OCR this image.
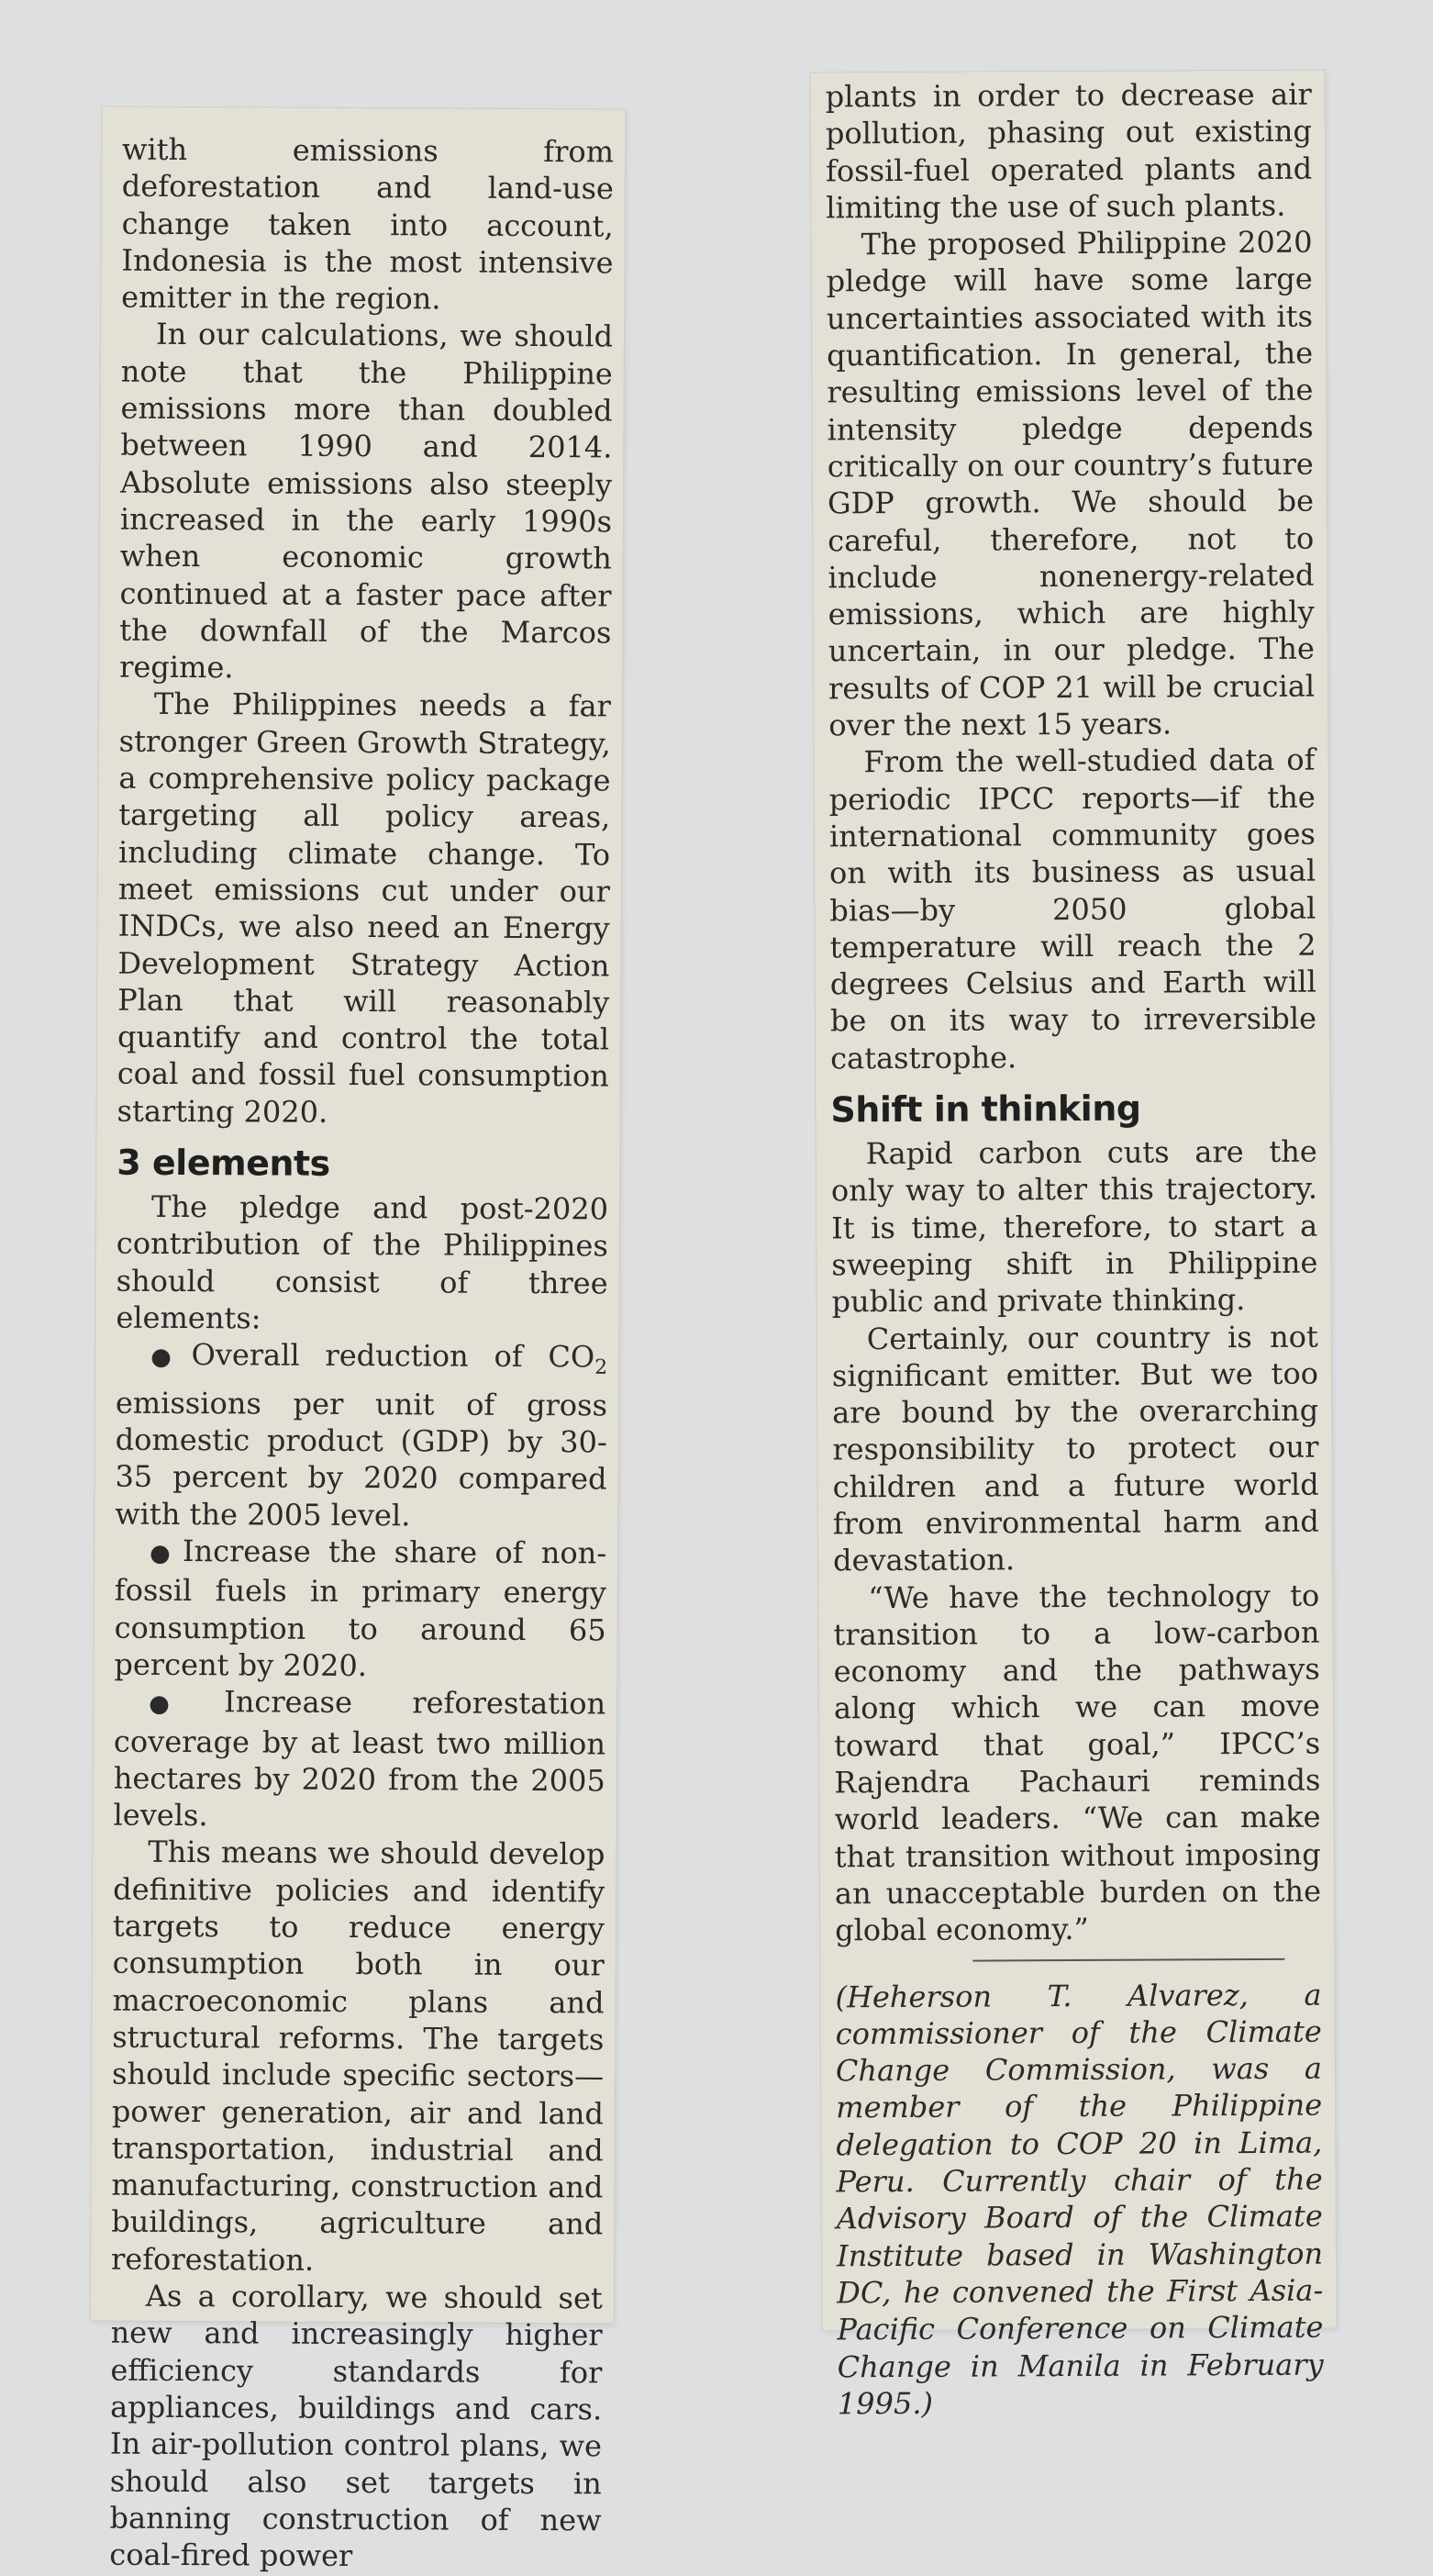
with emissions from deforestation and land-use change taken into account, Indonesia is the most intensive emitter in the region.

In our calculations, we should note that the Philippine emissions more than doubled between 1990 and 2014. Absolute emissions also steeply increased in the early 1990s when economic growth continued at a faster pace after the downfall of the Marcos regime.

The Philippines needs a far stronger Green Growth Strategy, a comprehensive policy package targeting all policy areas, including climate change. To meet emissions cut under our INDCs, we also need an Energy Development Strategy Action Plan that will reasonably quantify and control the total coal and fossil fuel consumption starting 2020.

3 elements

The pledge and post-2020 contribution of the Philippines should consist of three elements:

● Overall reduction of $CO_2$ emissions per unit of gross domestic product (GDP) by 30-35 percent by 2020 compared with the 2005 level.

● Increase the share of non-fossil fuels in primary energy consumption to around 65 percent by 2020.

● Increase reforestation coverage by at least two million hectares by 2020 from the 2005 levels.

This means we should develop definitive policies and identify targets to reduce energy consumption both in our macroeconomic plans and structural reforms. The targets should include specific sectors—power generation, air and land transportation, industrial and manufacturing, construction and buildings, agriculture and reforestation.

As a corollary, we should set new and increasingly higher efficiency standards for appliances, buildings and cars. In air-pollution control plans, we should also set targets in banning construction of new coal-fired power

plants in order to decrease air pollution, phasing out existing fossil-fuel operated plants and limiting the use of such plants.

The proposed Philippine 2020 pledge will have some large uncertainties associated with its quantification. In general, the resulting emissions level of the intensity pledge depends critically on our country’s future GDP growth. We should be careful, therefore, not to include nonenergy-related emissions, which are highly uncertain, in our pledge. The results of COP 21 will be crucial over the next 15 years.

From the well-studied data of periodic IPCC reports—if the international community goes on with its business as usual bias—by 2050 global temperature will reach the 2 degrees Celsius and Earth will be on its way to irreversible catastrophe.

Shift in thinking

Rapid carbon cuts are the only way to alter this trajectory. It is time, therefore, to start a sweeping shift in Philippine public and private thinking.

Certainly, our country is not significant emitter. But we too are bound by the overarching responsibility to protect our children and a future world from environmental harm and devastation.

“We have the technology to transition to a low-carbon economy and the pathways along which we can move toward that goal,” IPCC’s Rajendra Pachauri reminds world leaders. “We can make that transition without imposing an unacceptable burden on the global economy.”

(Heherson T. Alvarez, a commissioner of the Climate Change Commission, was a member of the Philippine delegation to COP 20 in Lima, Peru. Currently chair of the Advisory Board of the Climate Institute based in Washington DC, he convened the First Asia-Pacific Conference on Climate Change in Manila in February 1995.)
